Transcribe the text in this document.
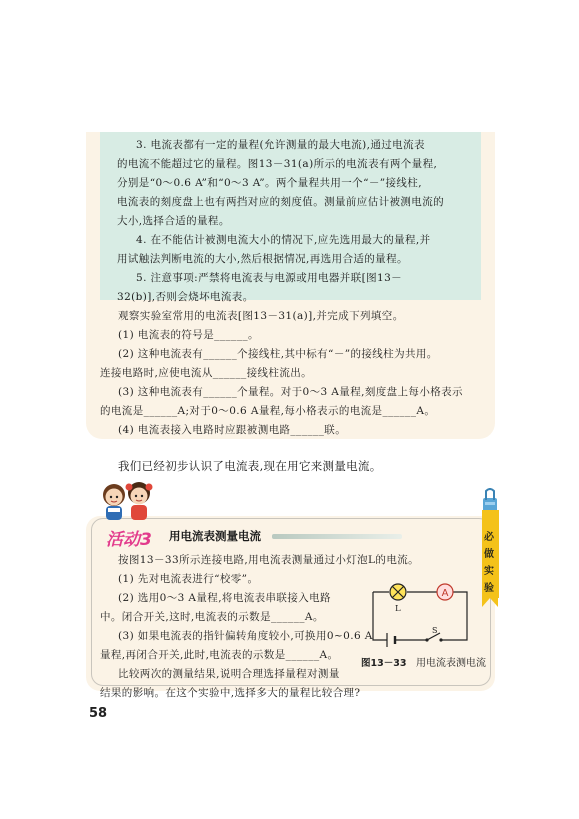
3. 电流表都有一定的量程(允许测量的最大电流),通过电流表
的电流不能超过它的量程。图13－31(a)所示的电流表有两个量程,
分别是“0～0.6 A”和“0～3 A”。两个量程共用一个“－”接线柱,
电流表的刻度盘上也有两挡对应的刻度值。测量前应估计被测电流的
大小,选择合适的量程。
4. 在不能估计被测电流大小的情况下,应先选用最大的量程,并
用试触法判断电流的大小,然后根据情况,再选用合适的量程。
5. 注意事项:严禁将电流表与电源或用电器并联[图13－
32(b)],否则会烧坏电流表。
观察实验室常用的电流表[图13－31(a)],并完成下列填空。
(1) 电流表的符号是______。
(2) 这种电流表有______个接线柱,其中标有“－”的接线柱为共用。
连接电路时,应使电流从______接线柱流出。
(3) 这种电流表有______个量程。对于0～3 A量程,刻度盘上每小格表示
的电流是______A;对于0～0.6 A量程,每小格表示的电流是______A。
(4) 电流表接入电路时应跟被测电路______联。
我们已经初步认识了电流表,现在用它来测量电流。
必
做
实
验
活动3 用电流表测量电流
按图13－33所示连接电路,用电流表测量通过小灯泡L的电流。
(1) 先对电流表进行“校零”。
(2) 选用0～3 A量程,将电流表串联接入电路
中。闭合开关,这时,电流表的示数是______A。
(3) 如果电流表的指针偏转角度较小,可换用0~0.6 A
量程,再闭合开关,此时,电流表的示数是______A。
比较两次的测量结果,说明合理选择量程对测量
结果的影响。在这个实验中,选择多大的量程比较合理?
A
L
S
图13－33 用电流表测电流
58
